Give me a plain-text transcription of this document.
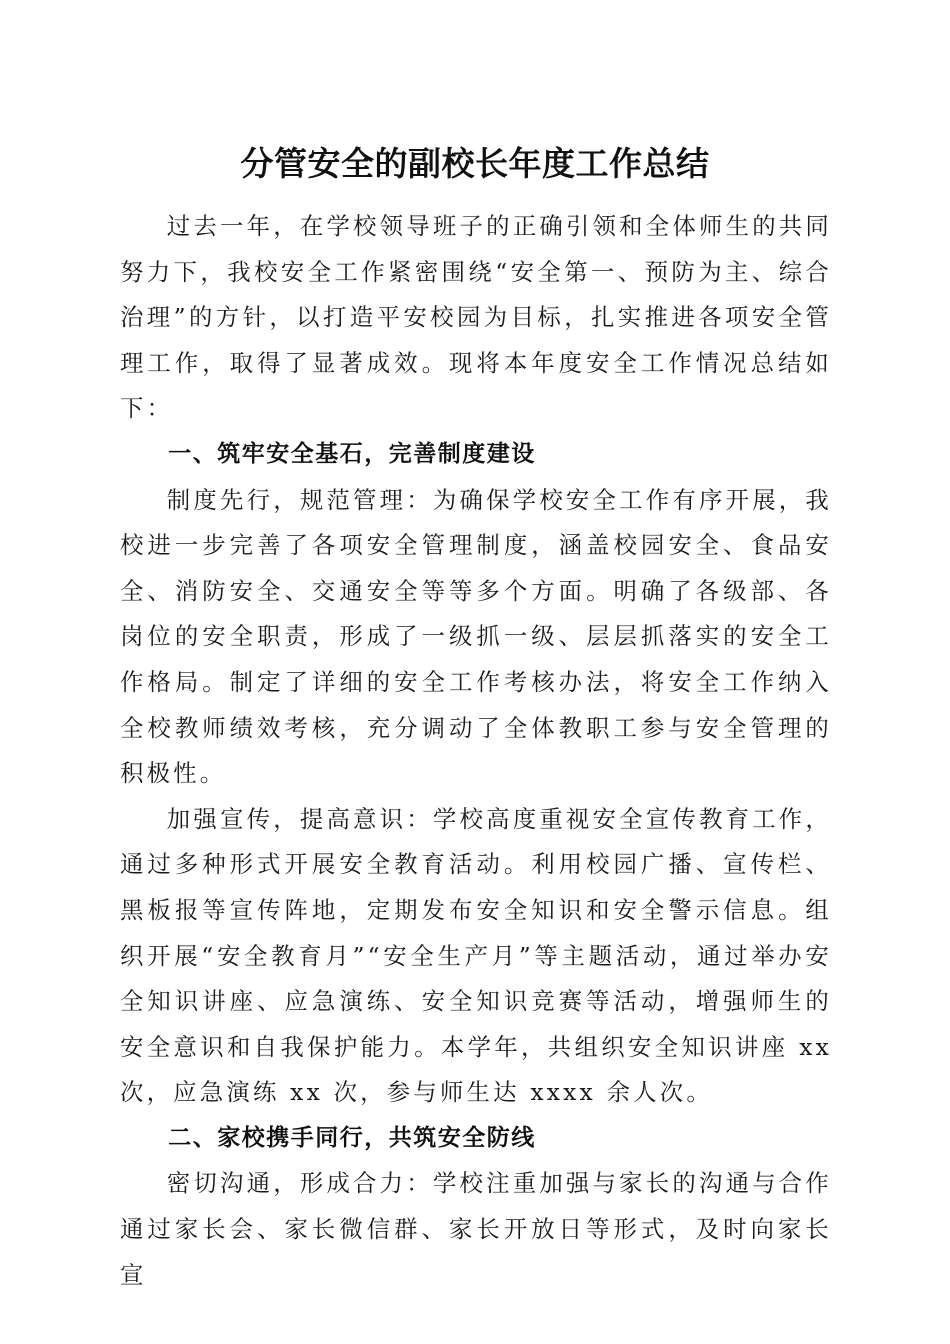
分管安全的副校长年度工作总结

过去一年，在学校领导班子的正确引领和全体师生的共同努力下，我校安全工作紧密围绕“安全第一、预防为主、综合治理”的方针，以打造平安校园为目标，扎实推进各项安全管理工作，取得了显著成效。现将本年度安全工作情况总结如下：

一、筑牢安全基石，完善制度建设

制度先行，规范管理：为确保学校安全工作有序开展，我校进一步完善了各项安全管理制度，涵盖校园安全、食品安全、消防安全、交通安全等等多个方面。明确了各级部、各岗位的安全职责，形成了一级抓一级、层层抓落实的安全工作格局。制定了详细的安全工作考核办法，将安全工作纳入全校教师绩效考核，充分调动了全体教职工参与安全管理的积极性。

加强宣传，提高意识：学校高度重视安全宣传教育工作，通过多种形式开展安全教育活动。利用校园广播、宣传栏、黑板报等宣传阵地，定期发布安全知识和安全警示信息。组织开展“安全教育月”“安全生产月”等主题活动，通过举办安全知识讲座、应急演练、安全知识竞赛等活动，增强师生的安全意识和自我保护能力。本学年，共组织安全知识讲座 xx 次，应急演练 xx 次，参与师生达 xxxx 余人次。

二、家校携手同行，共筑安全防线

密切沟通，形成合力：学校注重加强与家长的沟通与合作通过家长会、家长微信群、家长开放日等形式，及时向家长宣
